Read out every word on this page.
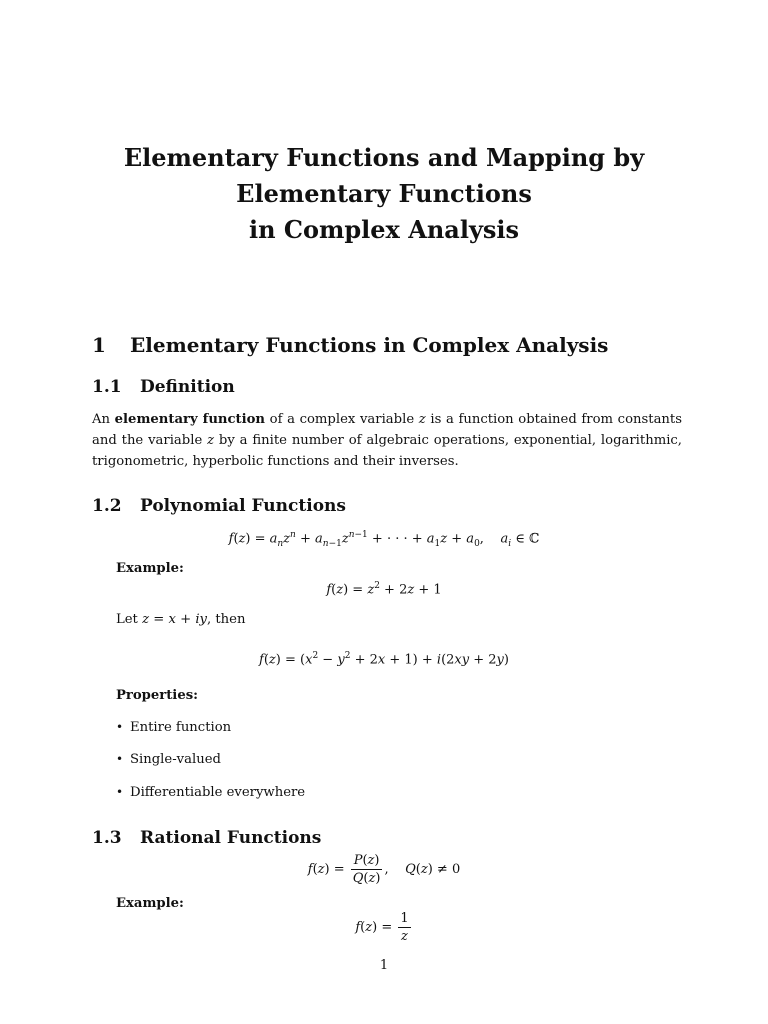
Elementary Functions and Mapping by
Elementary Functions
in Complex Analysis
1 Elementary Functions in Complex Analysis
1.1 Definition
An elementary function of a complex variable z is a function obtained from constants and the variable z by a finite number of algebraic operations, exponential, logarithmic, trigonometric, hyperbolic functions and their inverses.
1.2 Polynomial Functions
$f(z) = a_nz^n + a_{n-1}z^{n-1}$ + · · · + $a_1z + a_0$,    $a_i$ ∈ ℂ
Example:
$f(z) = z^2 + 2z + 1$
Let z = x + iy, then
$f(z) = (x^2 - y^2 + 2x + 1) + i(2xy + 2y)$
Properties:
• Entire function
• Single-valued
• Differentiable everywhere
1.3 Rational Functions
$f(z) = \frac{P(z)}{Q(z)}$ ,    Q(z) ≠ 0
Example:
$f(z) = \frac{1}{z}$
1
